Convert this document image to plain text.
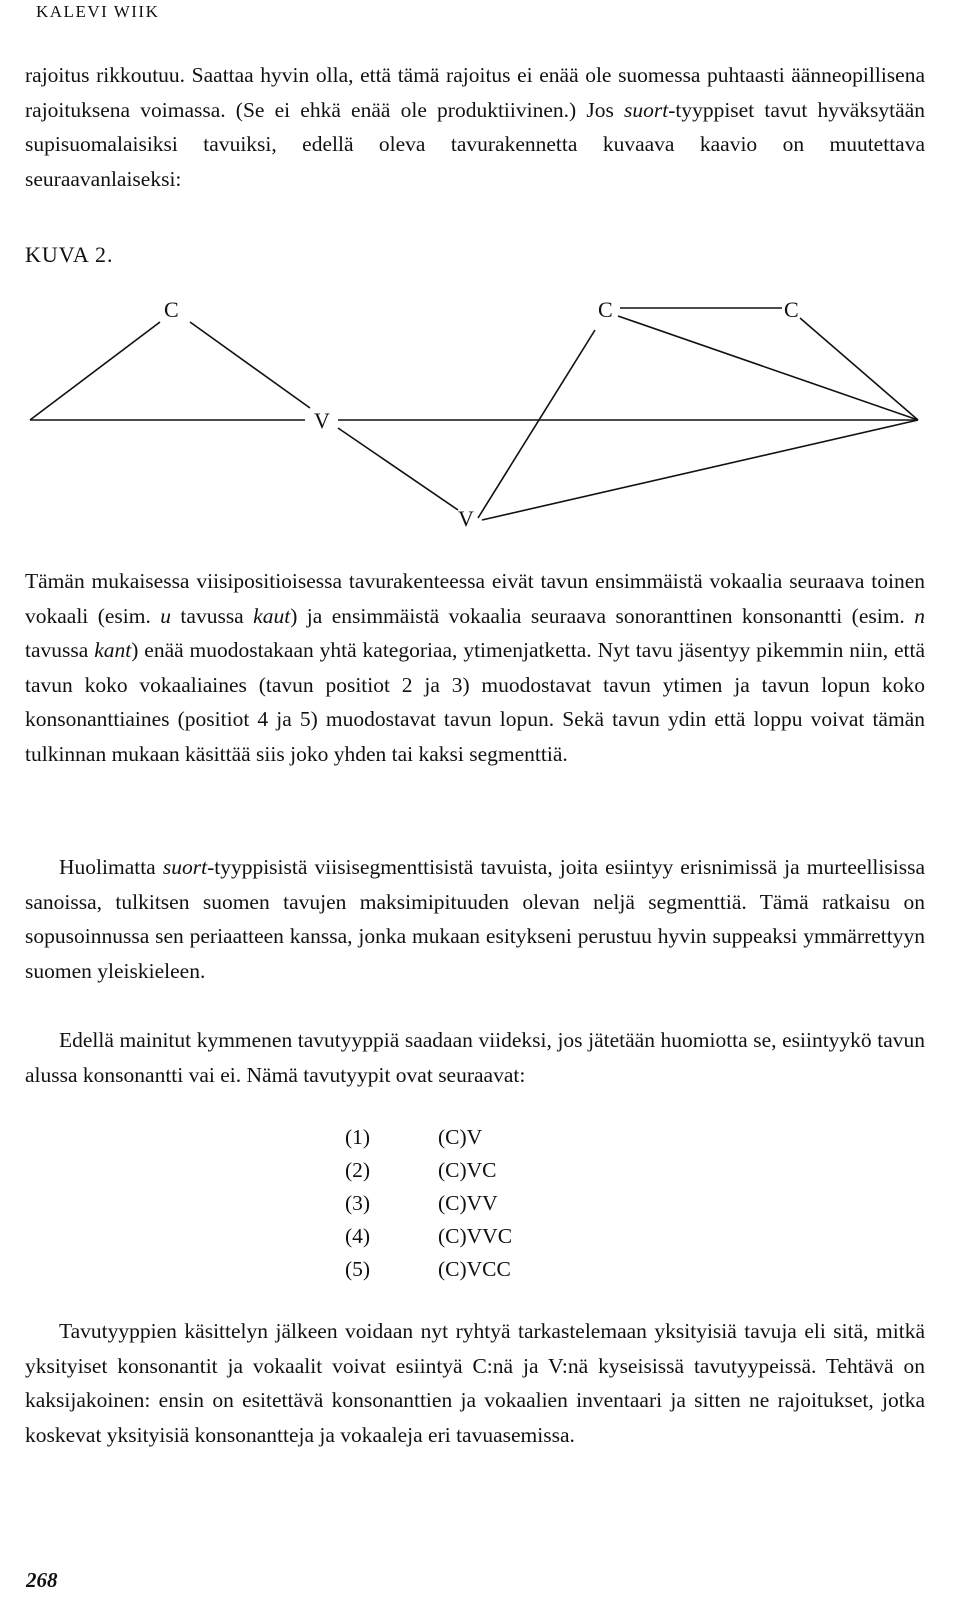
KALEVI WIIK

rajoitus rikkoutuu. Saattaa hyvin olla, että tämä rajoitus ei enää ole suomessa puhtaasti äänneopillisena rajoituksena voimassa. (Se ei ehkä enää ole produktiivinen.) Jos suort-tyyppiset tavut hyväksytään supisuomalaisiksi tavuiksi, edellä oleva tavurakennetta kuvaava kaavio on muutettava seuraavanlaiseksi:

KUVA 2.

C
V
V
C	C

Tämän mukaisessa viisipositioisessa tavurakenteessa eivät tavun ensimmäistä vokaalia seuraava toinen vokaali (esim. u tavussa kaut) ja ensimmäistä vokaalia seuraava sonoranttinen konsonantti (esim. n tavussa kant) enää muodostakaan yhtä kategoriaa, ytimenjatketta. Nyt tavu jäsentyy pikemmin niin, että tavun koko vokaaliaines (tavun positiot 2 ja 3) muodostavat tavun ytimen ja tavun lopun koko konsonanttiaines (positiot 4 ja 5) muodostavat tavun lopun. Sekä tavun ydin että loppu voivat tämän tulkinnan mukaan käsittää siis joko yhden tai kaksi segmenttiä.

Huolimatta suort-tyyppisistä viisisegmenttisistä tavuista, joita esiintyy erisnimissä ja murteellisissa sanoissa, tulkitsen suomen tavujen maksimipituuden olevan neljä segmenttiä. Tämä ratkaisu on sopusoinnussa sen periaatteen kanssa, jonka mukaan esitykseni perustuu hyvin suppeaksi ymmärrettyyn suomen yleiskieleen.

Edellä mainitut kymmenen tavutyyppiä saadaan viideksi, jos jätetään huomiotta se, esiintyykö tavun alussa konsonantti vai ei. Nämä tavutyypit ovat seuraavat:

(1)	(C)V
(2)	(C)VC
(3)	(C)VV
(4)	(C)VVC
(5)	(C)VCC

Tavutyyppien käsittelyn jälkeen voidaan nyt ryhtyä tarkastelemaan yksityisiä tavuja eli sitä, mitkä yksityiset konsonantit ja vokaalit voivat esiintyä C:nä ja V:nä kyseisissä tavutyypeissä. Tehtävä on kaksijakoinen: ensin on esitettävä konsonanttien ja vokaalien inventaari ja sitten ne rajoitukset, jotka koskevat yksityisiä konsonantteja ja vokaaleja eri tavuasemissa.

268
